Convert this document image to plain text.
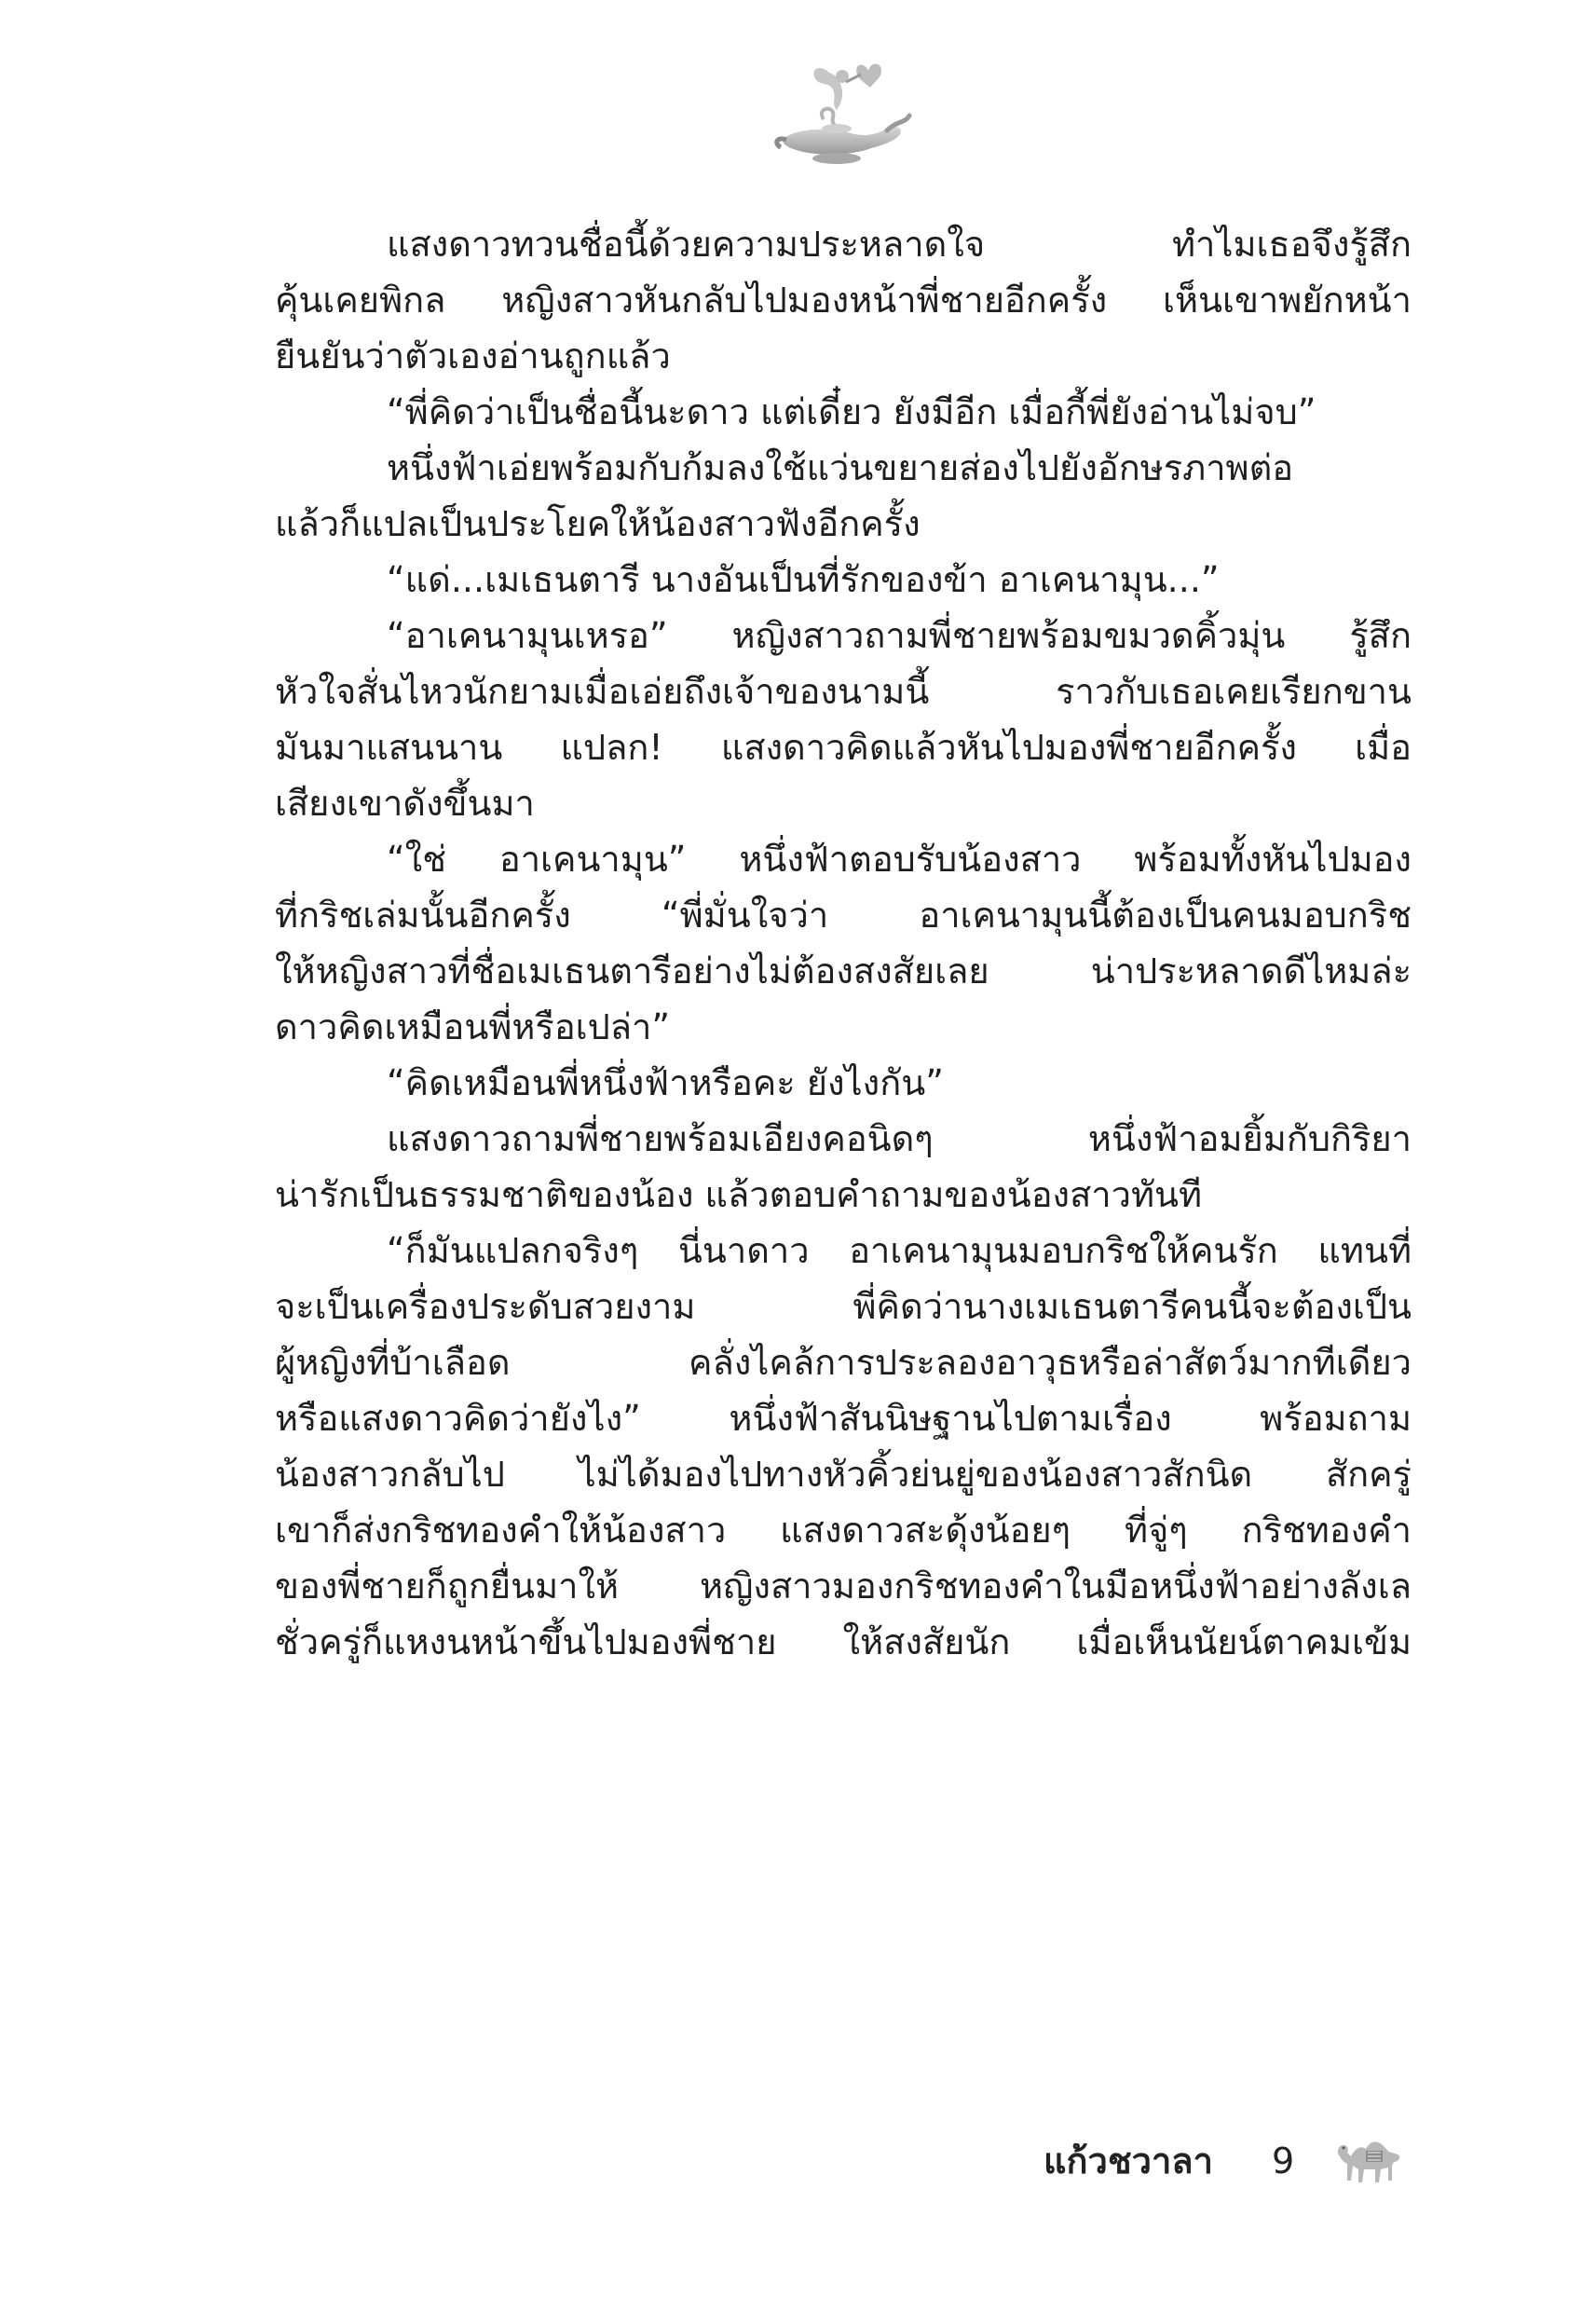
แสงดาวทวนชื่อนี้ด้วยความประหลาดใจ ทำไมเธอจึงรู้สึก
คุ้นเคยพิกล หญิงสาวหันกลับไปมองหน้าพี่ชายอีกครั้ง เห็นเขาพยักหน้า
ยืนยันว่าตัวเองอ่านถูกแล้ว
“พี่คิดว่าเป็นชื่อนี้นะดาว แต่เดี๋ยว ยังมีอีก เมื่อกี้พี่ยังอ่านไม่จบ”
หนึ่งฟ้าเอ่ยพร้อมกับก้มลงใช้แว่นขยายส่องไปยังอักษรภาพต่อ
แล้วก็แปลเป็นประโยคให้น้องสาวฟังอีกครั้ง
“แด่...เมเธนตารี นางอันเป็นที่รักของข้า อาเคนามุน...”
“อาเคนามุนเหรอ” หญิงสาวถามพี่ชายพร้อมขมวดคิ้วมุ่น รู้สึก
หัวใจสั่นไหวนักยามเมื่อเอ่ยถึงเจ้าของนามนี้ ราวกับเธอเคยเรียกขาน
มันมาแสนนาน แปลก! แสงดาวคิดแล้วหันไปมองพี่ชายอีกครั้ง เมื่อ
เสียงเขาดังขึ้นมา
“ใช่ อาเคนามุน” หนึ่งฟ้าตอบรับน้องสาว พร้อมทั้งหันไปมอง
ที่กริชเล่มนั้นอีกครั้ง “พี่มั่นใจว่า อาเคนามุนนี้ต้องเป็นคนมอบกริช
ให้หญิงสาวที่ชื่อเมเธนตารีอย่างไม่ต้องสงสัยเลย น่าประหลาดดีไหมล่ะ
ดาวคิดเหมือนพี่หรือเปล่า”
“คิดเหมือนพี่หนึ่งฟ้าหรือคะ ยังไงกัน”
แสงดาวถามพี่ชายพร้อมเอียงคอนิดๆ หนึ่งฟ้าอมยิ้มกับกิริยา
น่ารักเป็นธรรมชาติของน้อง แล้วตอบคำถามของน้องสาวทันที
“ก็มันแปลกจริงๆ นี่นาดาว อาเคนามุนมอบกริชให้คนรัก แทนที่
จะเป็นเครื่องประดับสวยงาม พี่คิดว่านางเมเธนตารีคนนี้จะต้องเป็น
ผู้หญิงที่บ้าเลือด คลั่งไคล้การประลองอาวุธหรือล่าสัตว์มากทีเดียว
หรือแสงดาวคิดว่ายังไง” หนึ่งฟ้าสันนิษฐานไปตามเรื่อง พร้อมถาม
น้องสาวกลับไป ไม่ได้มองไปทางหัวคิ้วย่นยู่ของน้องสาวสักนิด สักครู่
เขาก็ส่งกริชทองคำให้น้องสาว แสงดาวสะดุ้งน้อยๆ ที่จู่ๆ กริชทองคำ
ของพี่ชายก็ถูกยื่นมาให้ หญิงสาวมองกริชทองคำในมือหนึ่งฟ้าอย่างลังเล
ชั่วครู่ก็แหงนหน้าขึ้นไปมองพี่ชาย ให้สงสัยนัก เมื่อเห็นนัยน์ตาคมเข้ม
แก้วชวาลา 9
